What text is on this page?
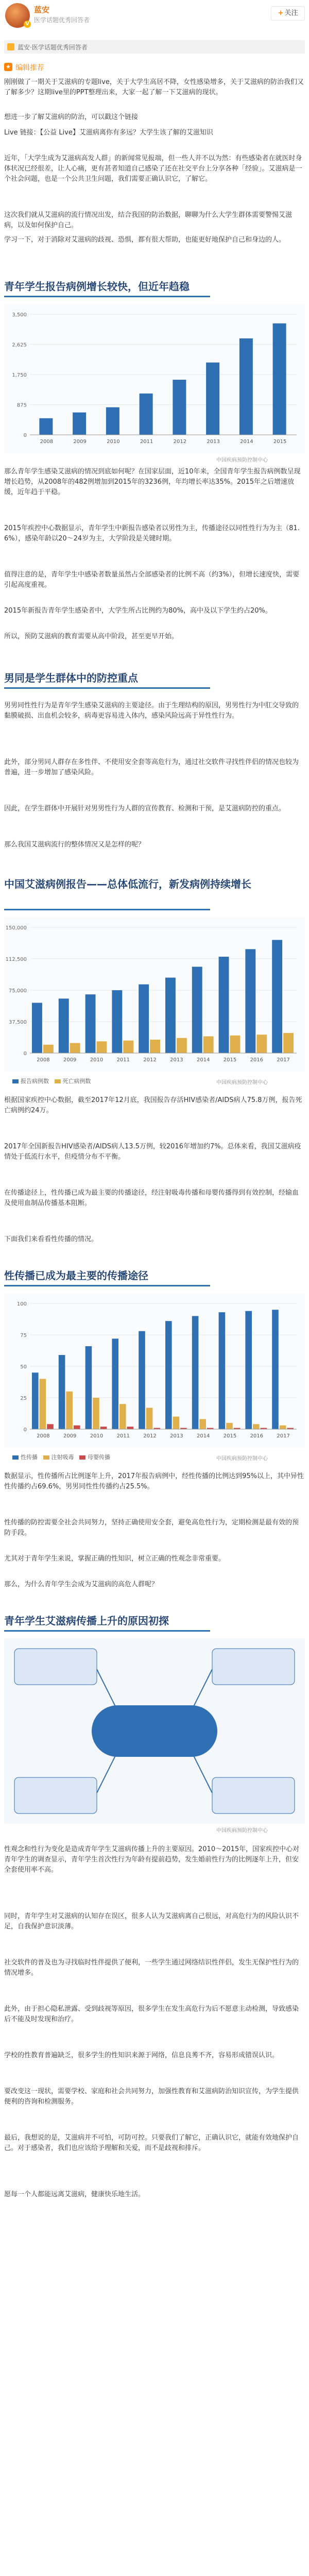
V
蓝安
医学话题优秀回答者
+ 关注
蓝安·医学话题优秀回答者
★ 编辑推荐
刚刚做了一期关于艾滋病的专题live，关于大学生高居不降，女性感染增多，关于艾滋病的防治我们又了解多少？这期live里的PPT整理出来，大家一起了解一下艾滋病的现状。
想进一步了解艾滋病的防治，可以戳这个链接
Live 链接：【公益 Live】艾滋病离你有多远？大学生该了解的艾滋知识
近年，「大学生成为艾滋病高发人群」的新闻常见报端，但一些人并不以为然：有些感染者在就医时身体状况已经很差，让人心痛，更有甚者知道自己感染了还在社交平台上分享各种「经验」。艾滋病是一个社会问题，也是一个公共卫生问题，我们需要正确认识它，了解它。
这次我们就从艾滋病的流行情况出发，结合我国的防治数据，聊聊为什么大学生群体需要警惕艾滋病，以及如何保护自己。
学习一下，对于消除对艾滋病的歧视、恐惧，都有很大帮助，也能更好地保护自己和身边的人。
青年学生报告病例增长较快，但近年趋稳
0
875
1,750
2,625
3,500
2008	2009	2010	2011	2012	2013	2014	2015
中国疾病预防控制中心
那么青年学生感染艾滋病的情况到底如何呢？在国家层面，近10年来，全国青年学生报告病例数呈现增长趋势，从2008年的482例增加到2015年的3236例，年均增长率达35%。2015年之后增速放缓，近年趋于平稳。
2015年疾控中心数据显示，青年学生中新报告感染者以男性为主，传播途径以同性性行为为主（81.6%），感染年龄以20～24岁为主，大学阶段是关键时期。
值得注意的是，青年学生中感染者数量虽然占全部感染者的比例不高（约3%），但增长速度快，需要引起高度重视。
2015年新报告青年学生感染者中，大学生所占比例约为80%，高中及以下学生约占20%。
所以，预防艾滋病的教育需要从高中阶段，甚至更早开始。
男同是学生群体中的防控重点
男男同性性行为是青年学生感染艾滋病的主要途径。由于生理结构的原因，男男性行为中肛交导致的黏膜破损、出血机会较多，病毒更容易进入体内，感染风险远高于异性性行为。
此外，部分男同人群存在多性伴、不使用安全套等高危行为，通过社交软件寻找性伴侣的情况也较为普遍，进一步增加了感染风险。
因此，在学生群体中开展针对男男性行为人群的宣传教育、检测和干预，是艾滋病防控的重点。
那么我国艾滋病流行的整体情况又是怎样的呢？
中国艾滋病例报告——总体低流行，新发病例持续增长
0
37,500
75,000
112,500
150,000
2008	2009	2010	2011	2012	2013	2014	2015	2016	2017
报告病例数 死亡病例数	中国疾病预防控制中心
根据国家疾控中心数据，截至2017年12月底，我国报告存活HIV感染者/AIDS病人75.8万例，报告死亡病例约24万。
2017年全国新报告HIV感染者/AIDS病人13.5万例，较2016年增加约7%。总体来看，我国艾滋病疫情处于低流行水平，但疫情分布不平衡。
在传播途径上，性传播已成为最主要的传播途径，经注射吸毒传播和母婴传播得到有效控制，经输血及使用血制品传播基本阻断。
下面我们来看看性传播的情况。
性传播已成为最主要的传播途径
0
25
50
75
100
2008	2009	2010	2011	2012	2013	2014	2015	2016	2017
性传播 注射吸毒 母婴传播	中国疾病预防控制中心
数据显示，性传播所占比例逐年上升，2017年报告病例中，经性传播的比例达到95%以上，其中异性性传播约占69.6%，男男同性性传播约占25.5%。
性传播的防控需要全社会共同努力，坚持正确使用安全套，避免高危性行为，定期检测是最有效的预防手段。
尤其对于青年学生来说，掌握正确的性知识，树立正确的性观念非常重要。
那么，为什么青年学生会成为艾滋病的高危人群呢？
青年学生艾滋病传播上升的原因初探
中国疾病预防控制中心
性观念和性行为变化是造成青年学生艾滋病传播上升的主要原因。2010～2015年，国家疾控中心对青年学生的调查显示，青年学生首次性行为年龄有提前趋势，发生婚前性行为的比例逐年上升，但安全套使用率不高。
同时，青年学生对艾滋病的认知存在误区，很多人认为艾滋病离自己很远，对高危行为的风险认识不足，自我保护意识淡薄。
社交软件的普及也为寻找临时性伴提供了便利，一些学生通过网络结识性伴侣，发生无保护性行为的情况增多。
此外，由于担心隐私泄露、受到歧视等原因，很多学生在发生高危行为后不愿意主动检测，导致感染后不能及时发现和治疗。
学校的性教育普遍缺乏，很多学生的性知识来源于网络，信息良莠不齐，容易形成错误认识。
要改变这一现状，需要学校、家庭和社会共同努力，加强性教育和艾滋病防治知识宣传，为学生提供便利的咨询和检测服务。
最后，我想说的是，艾滋病并不可怕，可防可控。只要我们了解它，正确认识它，就能有效地保护自己。对于感染者，我们也应该给予理解和关爱，而不是歧视和排斥。
愿每一个人都能远离艾滋病，健康快乐地生活。
